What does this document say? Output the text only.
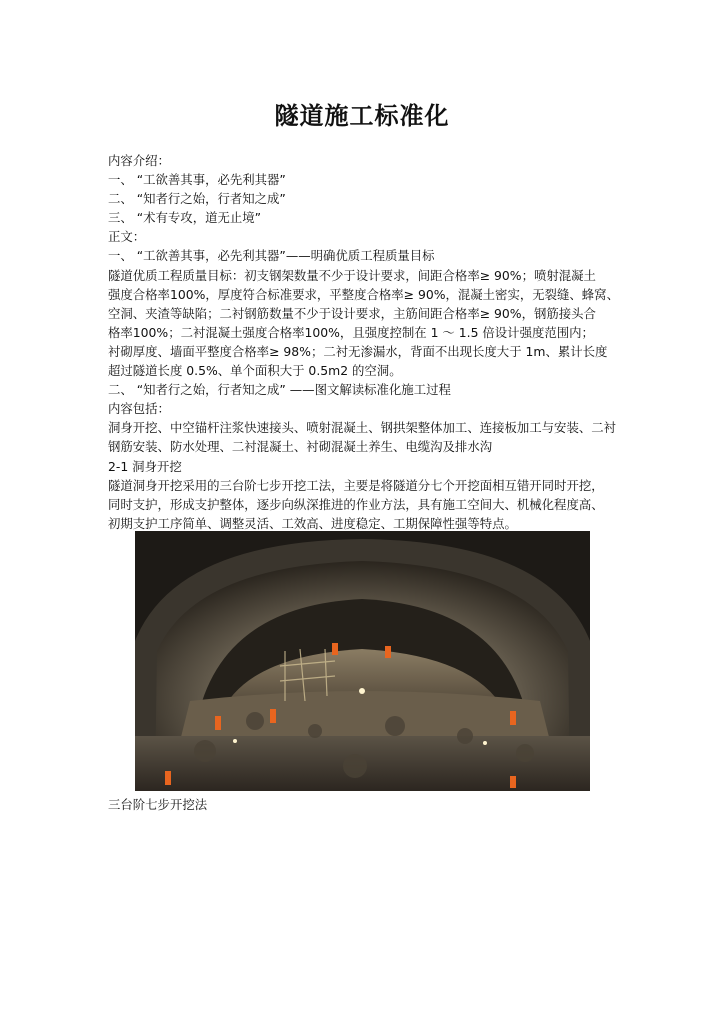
隧道施工标准化
内容介绍：
一、 “工欲善其事，必先利其器”
二、 “知者行之始，行者知之成”
三、 “术有专攻，道无止境”
正文：
一、 “工欲善其事，必先利其器”——明确优质工程质量目标
隧道优质工程质量目标：初支钢架数量不少于设计要求，间距合格率≥ 90%；喷射混凝土
强度合格率100%，厚度符合标准要求，平整度合格率≥ 90%，混凝土密实，无裂缝、蜂窝、
空洞、夹渣等缺陷；二衬钢筋数量不少于设计要求，主筋间距合格率≥ 90%，钢筋接头合
格率100%；二衬混凝土强度合格率100%，且强度控制在 1 ～ 1.5 倍设计强度范围内；
衬砌厚度、墙面平整度合格率≥ 98%；二衬无渗漏水，背面不出现长度大于 1m、累计长度
超过隧道长度 0.5%、单个面积大于 0.5m2 的空洞。
二、 “知者行之始，行者知之成” ——图文解读标准化施工过程
内容包括：
洞身开挖、中空锚杆注浆快速接头、喷射混凝土、钢拱架整体加工、连接板加工与安装、二衬
钢筋安装、防水处理、二衬混凝土、衬砌混凝土养生、电缆沟及排水沟
2-1 洞身开挖
隧道洞身开挖采用的三台阶七步开挖工法，主要是将隧道分七个开挖面相互错开同时开挖，
同时支护，形成支护整体，逐步向纵深推进的作业方法，具有施工空间大、机械化程度高、
初期支护工序简单、调整灵活、工效高、进度稳定、工期保障性强等特点。
三台阶七步开挖法
